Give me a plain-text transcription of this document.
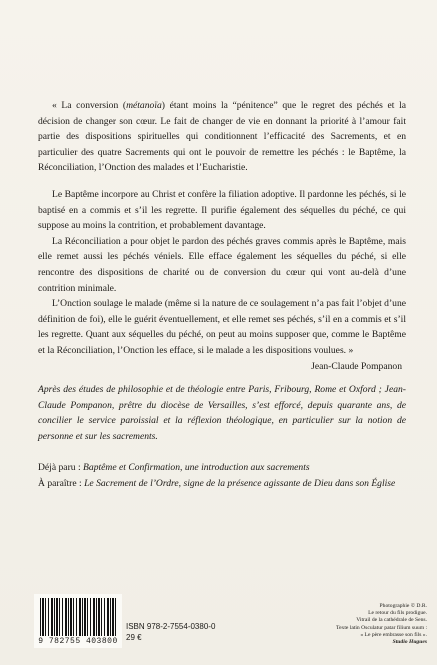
« La conversion (métanoïa) étant moins la “pénitence” que le regret des péchés et la décision de changer son cœur. Le fait de changer de vie en donnant la priorité à l’amour fait partie des dispositions spirituelles qui conditionnent l’efficacité des Sacrements, et en particulier des quatre Sacrements qui ont le pouvoir de remettre les péchés : le Baptême, la Réconciliation, l’Onction des malades et l’Eucharistie.

Le Baptême incorpore au Christ et confère la filiation adoptive. Il pardonne les péchés, si le baptisé en a commis et s’il les regrette. Il purifie également des séquelles du péché, ce qui suppose au moins la contrition, et probablement davantage.

La Réconciliation a pour objet le pardon des péchés graves commis après le Baptême, mais elle remet aussi les péchés véniels. Elle efface également les séquelles du péché, si elle rencontre des dispositions de charité ou de conversion du cœur qui vont au-delà d’une contrition minimale.

L’Onction soulage le malade (même si la nature de ce soulagement n’a pas fait l’objet d’une définition de foi), elle le guérit éventuellement, et elle remet ses péchés, s’il en a commis et s’il les regrette. Quant aux séquelles du péché, on peut au moins supposer que, comme le Baptême et la Réconciliation, l’Onction les efface, si le malade a les dispositions voulues. »

Jean-Claude Pompanon

Après des études de philosophie et de théologie entre Paris, Fribourg, Rome et Oxford ; Jean-Claude Pompanon, prêtre du diocèse de Versailles, s’est efforcé, depuis quarante ans, de concilier le service paroissial et la réflexion théologique, en particulier sur la notion de personne et sur les sacrements.

Déjà paru : Baptême et Confirmation, une introduction aux sacrements

À paraître : Le Sacrement de l’Ordre, signe de la présence agissante de Dieu dans son Église

9 782755 403800
ISBN 978-2-7554-0380-0
29 €

Photographie © D.R.

Le retour du fils prodigue.

Vitrail de la cathédrale de Sens.

Texte latin Osculatur patar filium suum :

« Le père embrasse son fils ».

Studio Hugues
